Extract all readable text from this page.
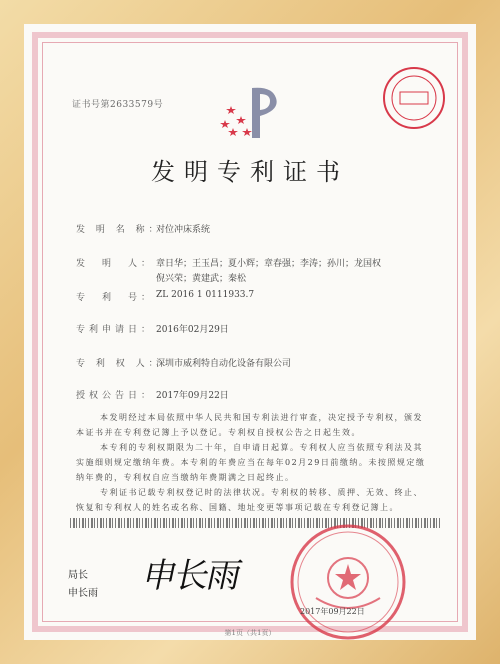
证书号第2633579号
发明专利证书
发 明 名 称：
对位冲床系统
发　明　人： 章日华；王玉昌；夏小辉；章春强；李涛；孙川；龙国权
倪兴荣；黄建武；秦松
专　利　号： ZL 2016 1 0111933.7
专利申请日： 2016年02月29日
专 利 权 人：
深圳市威利特自动化设备有限公司
授权公告日： 2017年09月22日
本发明经过本局依照中华人民共和国专利法进行审查，决定授予专利权，颁发本证书并在专利登记簿上予以登记。专利权自授权公告之日起生效。
本专利的专利权期限为二十年，自申请日起算。专利权人应当依照专利法及其实施细则规定缴纳年费。本专利的年费应当在每年02月29日前缴纳。未按照规定缴纳年费的，专利权自应当缴纳年费期满之日起终止。
专利证书记载专利权登记时的法律状况。专利权的转移、质押、无效、终止、恢复和专利权人的姓名或名称、国籍、地址变更等事项记载在专利登记簿上。
局长
申长雨 申长雨
2017年09月22日
第1页（共1页）
